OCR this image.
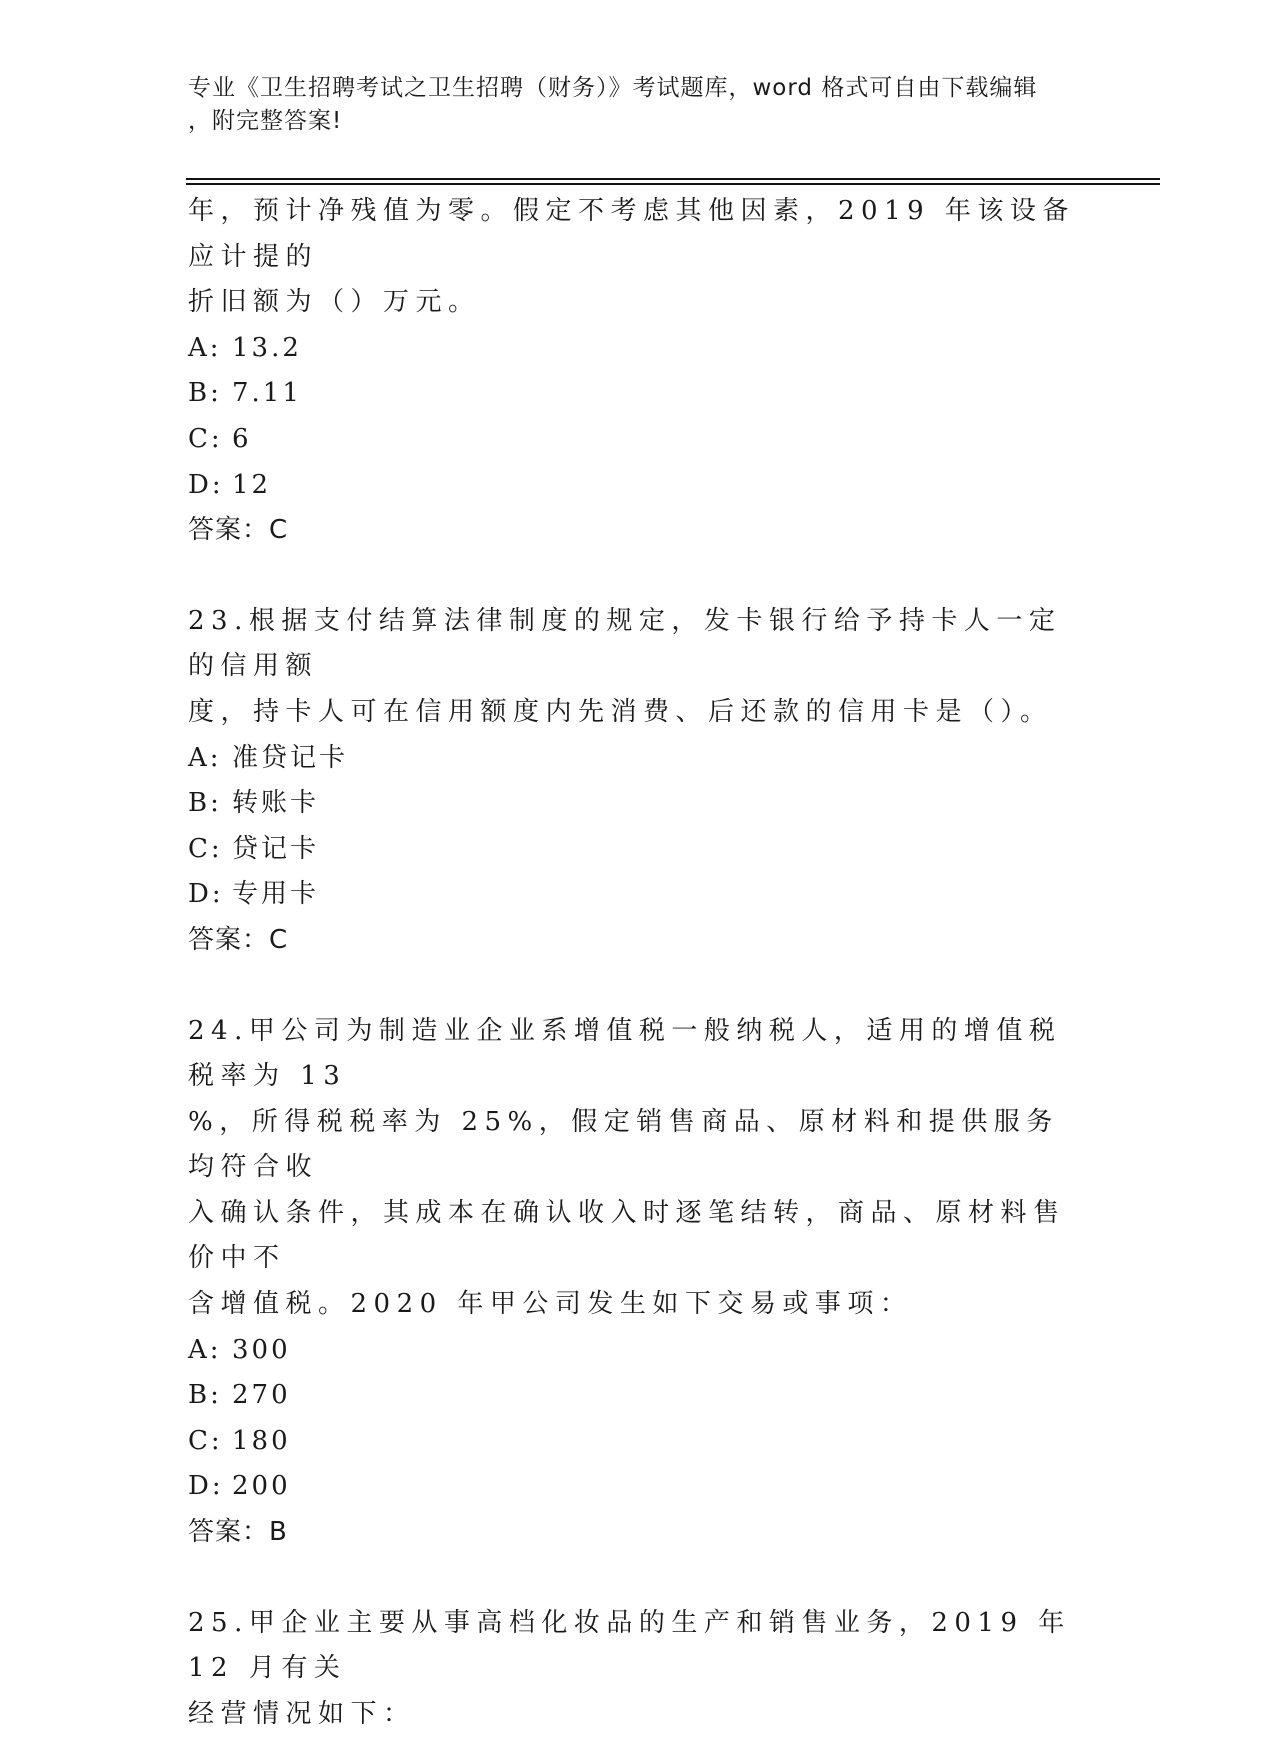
专业《卫生招聘考试之卫生招聘（财务）》考试题库，word 格式可自由下载编辑
，附完整答案!

年，预计净残值为零。假定不考虑其他因素，2019 年该设备应计提的

折旧额为（）万元。

A: 13.2

B: 7.11

C: 6

D: 12

答案：C

23.根据支付结算法律制度的规定，发卡银行给予持卡人一定的信用额

度，持卡人可在信用额度内先消费、后还款的信用卡是（）。

A: 准贷记卡

B: 转账卡

C: 贷记卡

D: 专用卡

答案：C

24.甲公司为制造业企业系增值税一般纳税人，适用的增值税税率为 13

%，所得税税率为 25%，假定销售商品、原材料和提供服务均符合收

入确认条件，其成本在确认收入时逐笔结转，商品、原材料售价中不

含增值税。2020 年甲公司发生如下交易或事项：

A: 300

B: 270

C: 180

D: 200

答案：B

25.甲企业主要从事高档化妆品的生产和销售业务，2019 年 12 月有关

经营情况如下：
